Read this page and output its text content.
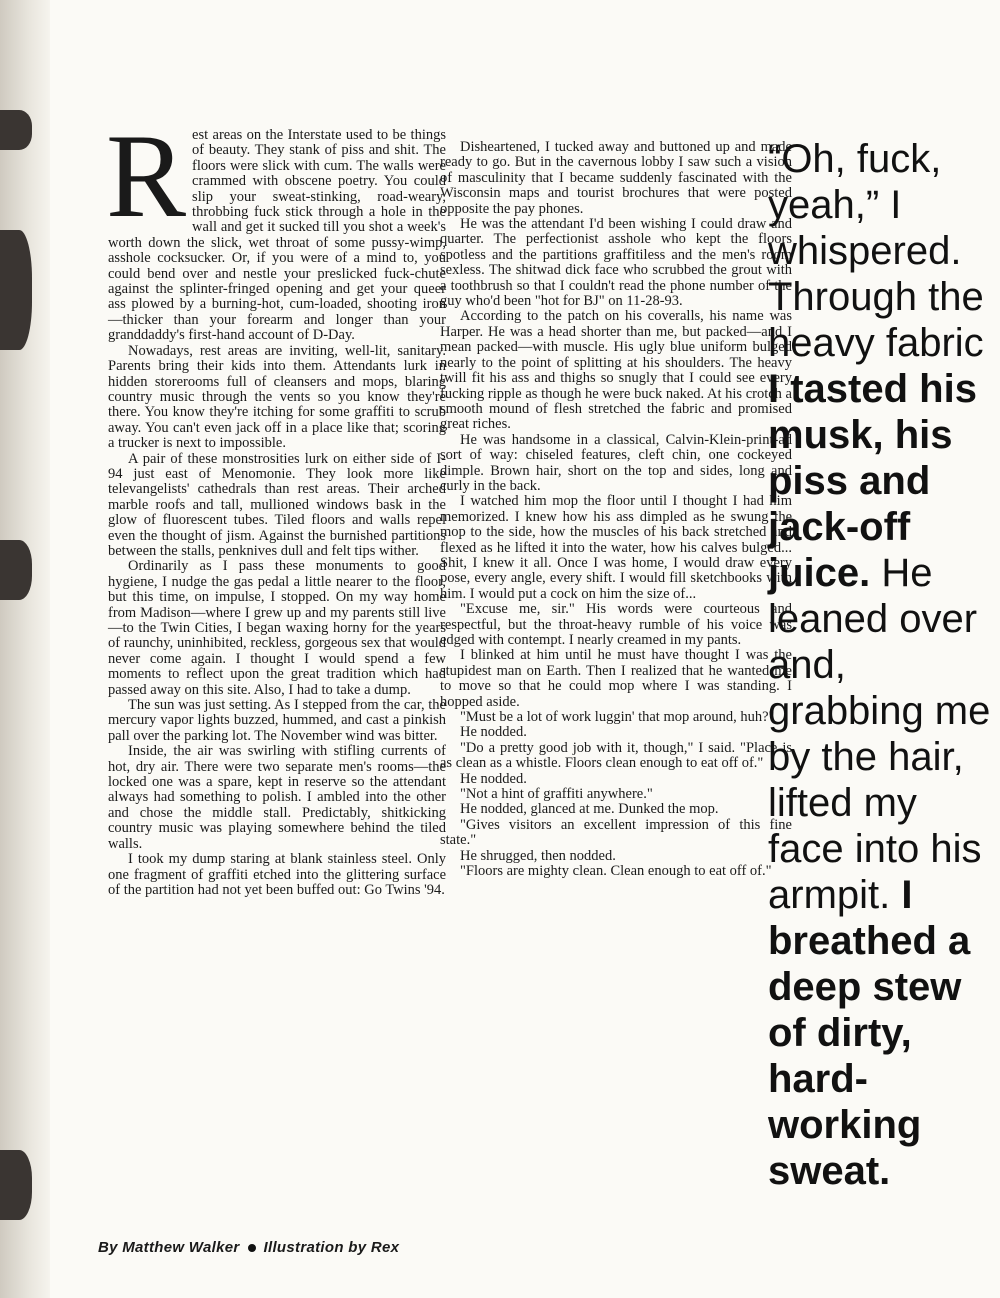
Rest areas on the Interstate used to be things of beauty. They stank of piss and shit. The floors were slick with cum. The walls were crammed with obscene poetry. You could slip your sweat-stinking, road-weary, throbbing fuck stick through a hole in the wall and get it sucked till you shot a week's worth down the slick, wet throat of some pussy-wimp, asshole cocksucker. Or, if you were of a mind to, you could bend over and nestle your preslicked fuck-chute against the splinter-fringed opening and get your queer ass plowed by a burning-hot, cum-loaded, shooting iron—thicker than your forearm and longer than your granddaddy's first-hand account of D-Day.

Nowadays, rest areas are inviting, well-lit, sanitary. Parents bring their kids into them. Attendants lurk in hidden storerooms full of cleansers and mops, blaring country music through the vents so you know they're there. You know they're itching for some graffiti to scrub away. You can't even jack off in a place like that; scoring a trucker is next to impossible.

A pair of these monstrosities lurk on either side of I-94 just east of Menomonie. They look more like televangelists' cathedrals than rest areas. Their arched marble roofs and tall, mullioned windows bask in the glow of fluorescent tubes. Tiled floors and walls repel even the thought of jism. Against the burnished partitions between the stalls, penknives dull and felt tips wither.

Ordinarily as I pass these monuments to good hygiene, I nudge the gas pedal a little nearer to the floor, but this time, on impulse, I stopped. On my way home from Madison—where I grew up and my parents still live—to the Twin Cities, I began waxing horny for the years of raunchy, uninhibited, reckless, gorgeous sex that would never come again. I thought I would spend a few moments to reflect upon the great tradition which had passed away on this site. Also, I had to take a dump.

The sun was just setting. As I stepped from the car, the mercury vapor lights buzzed, hummed, and cast a pinkish pall over the parking lot. The November wind was bitter.

Inside, the air was swirling with stifling currents of hot, dry air. There were two separate men's rooms—the locked one was a spare, kept in reserve so the attendant always had something to polish. I ambled into the other and chose the middle stall. Predictably, shitkicking country music was playing somewhere behind the tiled walls.

I took my dump staring at blank stainless steel. Only one fragment of graffiti etched into the glittering surface of the partition had not yet been buffed out: Go Twins '94.

Disheartened, I tucked away and buttoned up and made ready to go. But in the cavernous lobby I saw such a vision of masculinity that I became suddenly fascinated with the Wisconsin maps and tourist brochures that were posted opposite the pay phones.

He was the attendant I'd been wishing I could draw and quarter. The perfectionist asshole who kept the floors spotless and the partitions graffitiless and the men's room sexless. The shitwad dick face who scrubbed the grout with a toothbrush so that I couldn't read the phone number of the guy who'd been "hot for BJ" on 11-28-93.

According to the patch on his coveralls, his name was Harper. He was a head shorter than me, but packed—and I mean packed—with muscle. His ugly blue uniform bulged nearly to the point of splitting at his shoulders. The heavy twill fit his ass and thighs so snugly that I could see every fucking ripple as though he were buck naked. At his crotch a smooth mound of flesh stretched the fabric and promised great riches.

He was handsome in a classical, Calvin-Klein-print-ad sort of way: chiseled features, cleft chin, one cockeyed dimple. Brown hair, short on the top and sides, long and curly in the back.

I watched him mop the floor until I thought I had him memorized. I knew how his ass dimpled as he swung the mop to the side, how the muscles of his back stretched and flexed as he lifted it into the water, how his calves bulged... Shit, I knew it all. Once I was home, I would draw every pose, every angle, every shift. I would fill sketchbooks with him. I would put a cock on him the size of...

"Excuse me, sir." His words were courteous and respectful, but the throat-heavy rumble of his voice was edged with contempt. I nearly creamed in my pants.

I blinked at him until he must have thought I was the stupidest man on Earth. Then I realized that he wanted me to move so that he could mop where I was standing. I hopped aside.

"Must be a lot of work luggin' that mop around, huh?"

He nodded.

"Do a pretty good job with it, though," I said. "Place is as clean as a whistle. Floors clean enough to eat off of."

He nodded.

"Not a hint of graffiti anywhere."

He nodded, glanced at me. Dunked the mop.

"Gives visitors an excellent impression of this fine state."

He shrugged, then nodded.

"Floors are mighty clean. Clean enough to eat off of."

“Oh, fuck, yeah,” I whispered. Through the heavy fabric I tasted his musk, his piss and jack-off juice. He leaned over and, grabbing me by the hair, lifted my face into his armpit. I breathed a deep stew of dirty, hard-working sweat.
By Matthew Walker Illustration by Rex
